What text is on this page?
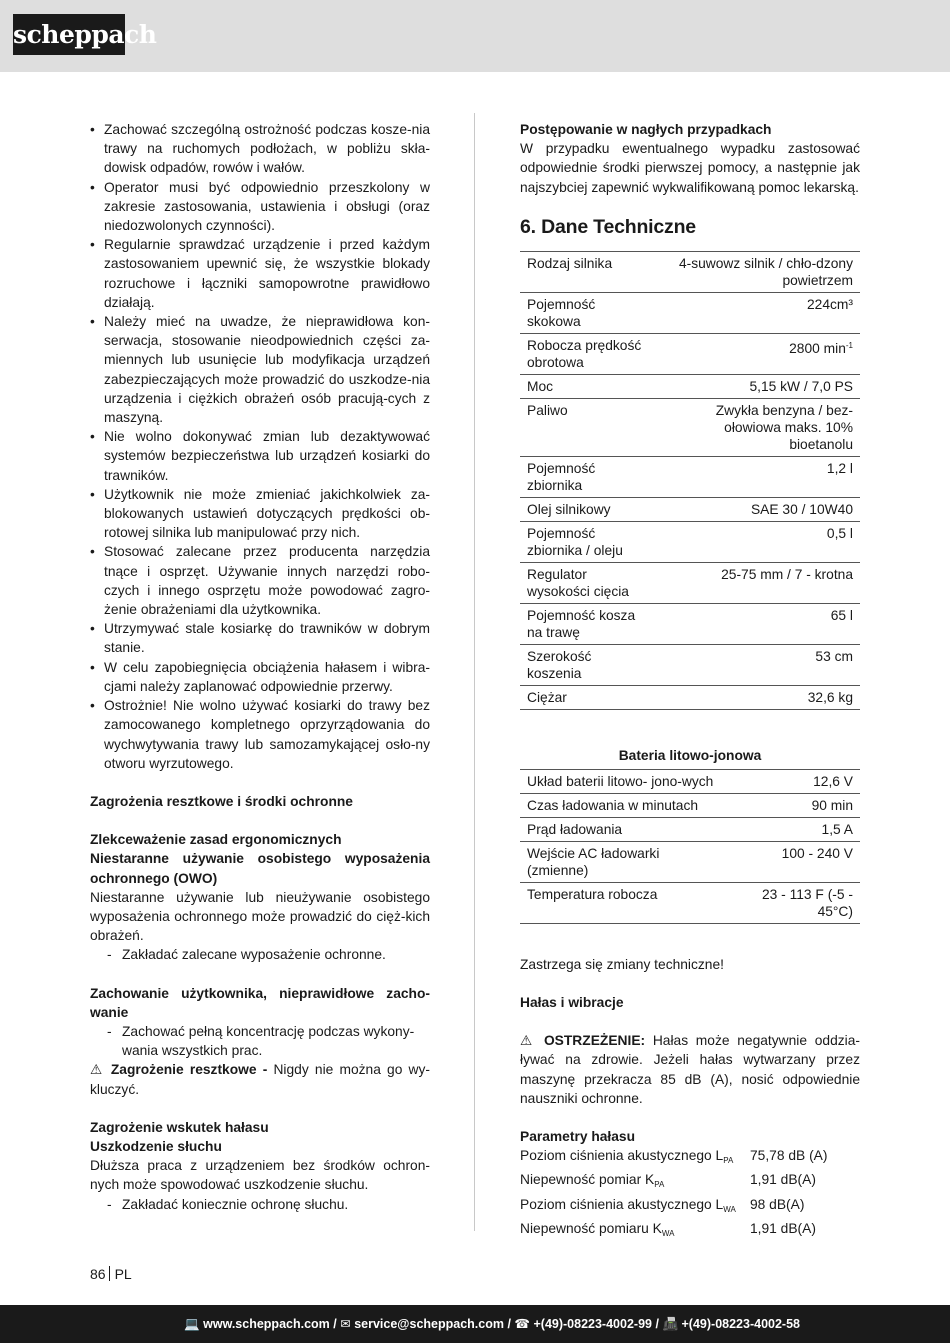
scheppach
• Zachować szczególną ostrożność podczas kosze-nia trawy na ruchomych podłożach, w pobliżu skła-dowisk odpadów, rowów i wałów.
• Operator musi być odpowiednio przeszkolony w zakresie zastosowania, ustawienia i obsługi (oraz niedozwolonych czynności).
• Regularnie sprawdzać urządzenie i przed każdym zastosowaniem upewnić się, że wszystkie blokady rozruchowe i łączniki samopowrotne prawidłowo działają.
• Należy mieć na uwadze, że nieprawidłowa kon-serwacja, stosowanie nieodpowiednich części za-miennych lub usunięcie lub modyfikacja urządzeń zabezpieczających może prowadzić do uszkodze-nia urządzenia i ciężkich obrażeń osób pracują-cych z maszyną.
• Nie wolno dokonywać zmian lub dezaktywować systemów bezpieczeństwa lub urządzeń kosiarki do trawników.
• Użytkownik nie może zmieniać jakichkolwiek za-blokowanych ustawień dotyczących prędkości ob-rotowej silnika lub manipulować przy nich.
• Stosować zalecane przez producenta narzędzia tnące i osprzęt. Używanie innych narzędzi robo-czych i innego osprzętu może powodować zagro-żenie obrażeniami dla użytkownika.
• Utrzymywać stale kosiarkę do trawników w dobrym stanie.
• W celu zapobiegnięcia obciążenia hałasem i wibra-cjami należy zaplanować odpowiednie przerwy.
• Ostrożnie! Nie wolno używać kosiarki do trawy bez zamocowanego kompletnego oprzyrządowania do wychwytywania trawy lub samozamykającej osło-ny otworu wyrzutowego.
Zagrożenia resztkowe i środki ochronne
Zlekceważenie zasad ergonomicznych
Niestaranne używanie osobistego wyposażenia ochronnego (OWO)
Niestaranne używanie lub nieużywanie osobistego wyposażenia ochronnego może prowadzić do cięż-kich obrażeń.
- Zakładać zalecane wyposażenie ochronne.
Zachowanie użytkownika, nieprawidłowe zacho-wanie
- Zachować pełną koncentrację podczas wykony-wania wszystkich prac.
⚠ Zagrożenie resztkowe - Nigdy nie można go wy-kluczyć.
Zagrożenie wskutek hałasu
Uszkodzenie słuchu
Dłuższa praca z urządzeniem bez środków ochron-nych może spowodować uszkodzenie słuchu.
- Zakładać koniecznie ochronę słuchu.
Postępowanie w nagłych przypadkach
W przypadku ewentualnego wypadku zastosować odpowiednie środki pierwszej pomocy, a następnie jak najszybciej zapewnić wykwalifikowaną pomoc lekarską.
6. Dane Techniczne
Rodzaj silnika	4-suwowz silnik / chło-dzony powietrzem
Pojemność skokowa	224cm³
Robocza prędkość obrotowa	2800 $\min^{-1}$
Moc	5,15 kW / 7,0 PS
Paliwo	Zwykła benzyna / bez-ołowiowa maks. 10% bioetanolu
Pojemność zbiornika	1,2 l
Olej silnikowy	SAE 30 / 10W40
Pojemność zbiornika / oleju	0,5 l
Regulator wysokości cięcia	25-75 mm / 7 - krotna
Pojemność kosza na trawę	65 l
Szerokość koszenia	53 cm
Ciężar	32,6 kg
Bateria litowo-jonowa
Układ baterii litowo- jono-wych	12,6 V
Czas ładowania w minutach	90 min
Prąd ładowania	1,5 A
Wejście AC ładowarki (zmienne)	100 - 240 V
Temperatura robocza	23 - 113 F (-5 - 45°C)
Zastrzega się zmiany techniczne!
Hałas i wibracje
⚠ OSTRZEŻENIE: Hałas może negatywnie oddzia-ływać na zdrowie. Jeżeli hałas wytwarzany przez maszynę przekracza 85 dB (A), nosić odpowiednie nauszniki ochronne.
Parametry hałasu
Poziom ciśnienia akustycznego $L_{PA}$	75,78 dB (A)
Niepewność pomiar $K_{PA}$	1,91 dB(A)
Poziom ciśnienia akustycznego $L_{WA}$	98 dB(A)
Niepewność pomiaru $K_{WA}$	1,91 dB(A)
86 PL
💻 www.scheppach.com / ✉ service@scheppach.com / ☎ +(49)-08223-4002-99 / 📠 +(49)-08223-4002-58
